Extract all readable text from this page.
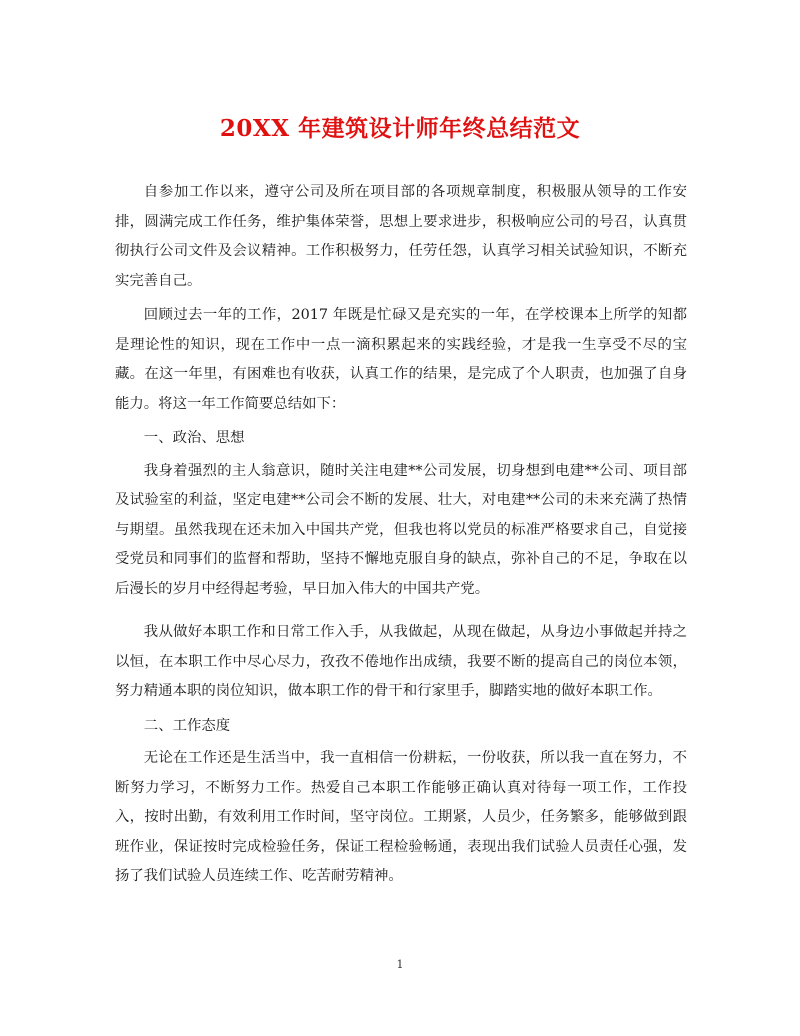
20XX 年建筑设计师年终总结范文

自参加工作以来，遵守公司及所在项目部的各项规章制度，积极服从领导的工作安排，圆满完成工作任务，维护集体荣誉，思想上要求进步，积极响应公司的号召，认真贯彻执行公司文件及会议精神。工作积极努力，任劳任怨，认真学习相关试验知识，不断充实完善自己。

回顾过去一年的工作，2017 年既是忙碌又是充实的一年，在学校课本上所学的知都是理论性的知识，现在工作中一点一滴积累起来的实践经验，才是我一生享受不尽的宝藏。在这一年里，有困难也有收获，认真工作的结果，是完成了个人职责，也加强了自身能力。将这一年工作简要总结如下：

一、政治、思想

我身着强烈的主人翁意识，随时关注电建**公司发展，切身想到电建**公司、项目部及试验室的利益，坚定电建**公司会不断的发展、壮大，对电建**公司的未来充满了热情与期望。虽然我现在还未加入中国共产党，但我也将以党员的标准严格要求自己，自觉接受党员和同事们的监督和帮助，坚持不懈地克服自身的缺点，弥补自己的不足，争取在以后漫长的岁月中经得起考验，早日加入伟大的中国共产党。

我从做好本职工作和日常工作入手，从我做起，从现在做起，从身边小事做起并持之以恒，在本职工作中尽心尽力，孜孜不倦地作出成绩，我要不断的提高自己的岗位本领，努力精通本职的岗位知识，做本职工作的骨干和行家里手，脚踏实地的做好本职工作。

二、工作态度

无论在工作还是生活当中，我一直相信一份耕耘，一份收获，所以我一直在努力，不断努力学习，不断努力工作。热爱自己本职工作能够正确认真对待每一项工作，工作投入，按时出勤，有效利用工作时间，坚守岗位。工期紧，人员少，任务繁多，能够做到跟班作业，保证按时完成检验任务，保证工程检验畅通，表现出我们试验人员责任心强，发扬了我们试验人员连续工作、吃苦耐劳精神。

1
